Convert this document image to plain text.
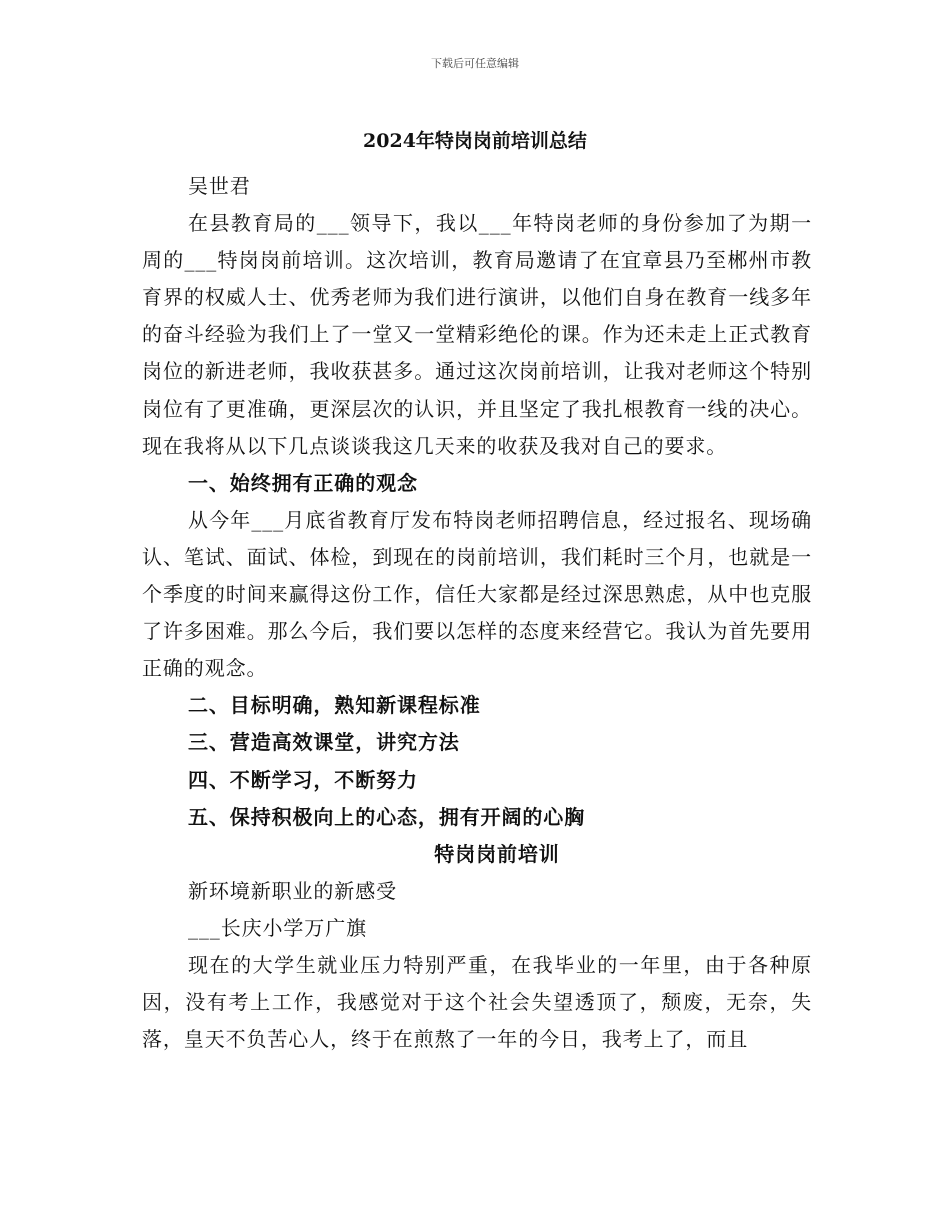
下载后可任意编辑
2024年特岗岗前培训总结

吴世君

在县教育局的___领导下，我以___年特岗老师的身份参加了为期一周的___特岗岗前培训。这次培训，教育局邀请了在宜章县乃至郴州市教育界的权威人士、优秀老师为我们进行演讲，以他们自身在教育一线多年的奋斗经验为我们上了一堂又一堂精彩绝伦的课。作为还未走上正式教育岗位的新进老师，我收获甚多。通过这次岗前培训，让我对老师这个特别岗位有了更准确，更深层次的认识，并且坚定了我扎根教育一线的决心。现在我将从以下几点谈谈我这几天来的收获及我对自己的要求。

一、始终拥有正确的观念

从今年___月底省教育厅发布特岗老师招聘信息，经过报名、现场确认、笔试、面试、体检，到现在的岗前培训，我们耗时三个月，也就是一个季度的时间来赢得这份工作，信任大家都是经过深思熟虑，从中也克服了许多困难。那么今后，我们要以怎样的态度来经营它。我认为首先要用正确的观念。

二、目标明确，熟知新课程标准

三、营造高效课堂，讲究方法

四、不断学习，不断努力

五、保持积极向上的心态，拥有开阔的心胸

特岗岗前培训

新环境新职业的新感受

___长庆小学万广旗

现在的大学生就业压力特别严重，在我毕业的一年里，由于各种原因，没有考上工作，我感觉对于这个社会失望透顶了，颓废，无奈，失落，皇天不负苦心人，终于在煎熬了一年的今日，我考上了，而且
